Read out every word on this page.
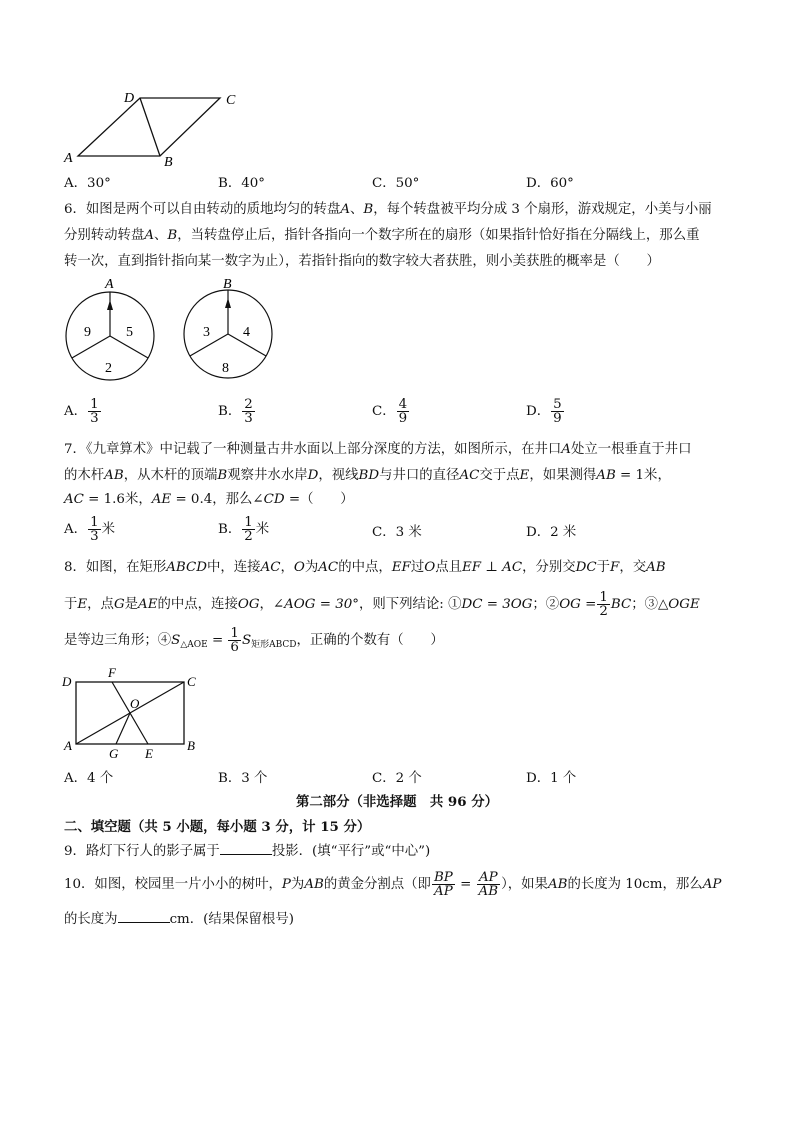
D	C
A	B
A．30°	B．40°	C．50°	D．60°
6．如图是两个可以自由转动的质地均匀的转盘A、B，每个转盘被平均分成 3 个扇形，游戏规定，小美与小丽
分别转动转盘A、B，当转盘停止后，指针各指向一个数字所在的扇形（如果指针恰好指在分隔线上，那么重
转一次，直到指针指向某一数字为止），若指针指向的数字较大者获胜，则小美获胜的概率是（　　）
A
9	5
2
B
3 4
8
A． $\frac{1}{3}$	B． $\frac{2}{3}$	C． $\frac{4}{9}$	D． $\frac{5}{9}$
7．《九章算术》中记载了一种测量古井水面以上部分深度的方法，如图所示，在井口A处立一根垂直于井口
的木杆AB，从木杆的顶端B观察井水水岸D，视线BD与井口的直径AC交于点E，如果测得AB = 1米，
AC = 1.6米，AE = 0.4，那么∠CD =（　　）
A． $\frac{1}{3}$ 米	B． $\frac{1}{2}$ 米	C．3 米	D．2 米
8．如图，在矩形ABCD中，连接AC，O为AC的中点，EF过O点且EF ⊥ AC，分别交DC于F，交AB
于E，点G是AE的中点，连接OG，∠AOG = 30°，则下列结论: ①DC = 3OG；②OG = $\frac{1}{2}$ BC；③△OGE
是等边三角形；$④S_{\triangle AOE} = \frac{1}{6} S_{矩形ABCD}$，正确的个数有（　　）
D
F
C
O
A
G E
B
A．4 个	B．3 个	C．2 个	D．1 个
第二部分（非选择题　共 96 分）
二、填空题（共 5 小题，每小题 3 分，计 15 分）
9．路灯下行人的影子属于	投影．(填“平行”或“中心”)
10．如图，校园里一片小小的树叶，P为AB的黄金分割点（即 $\frac{BP}{AP} = \frac{AP}{AB}$ ），如果AB的长度为 10cm，那么AP
的长度为	cm．(结果保留根号)
